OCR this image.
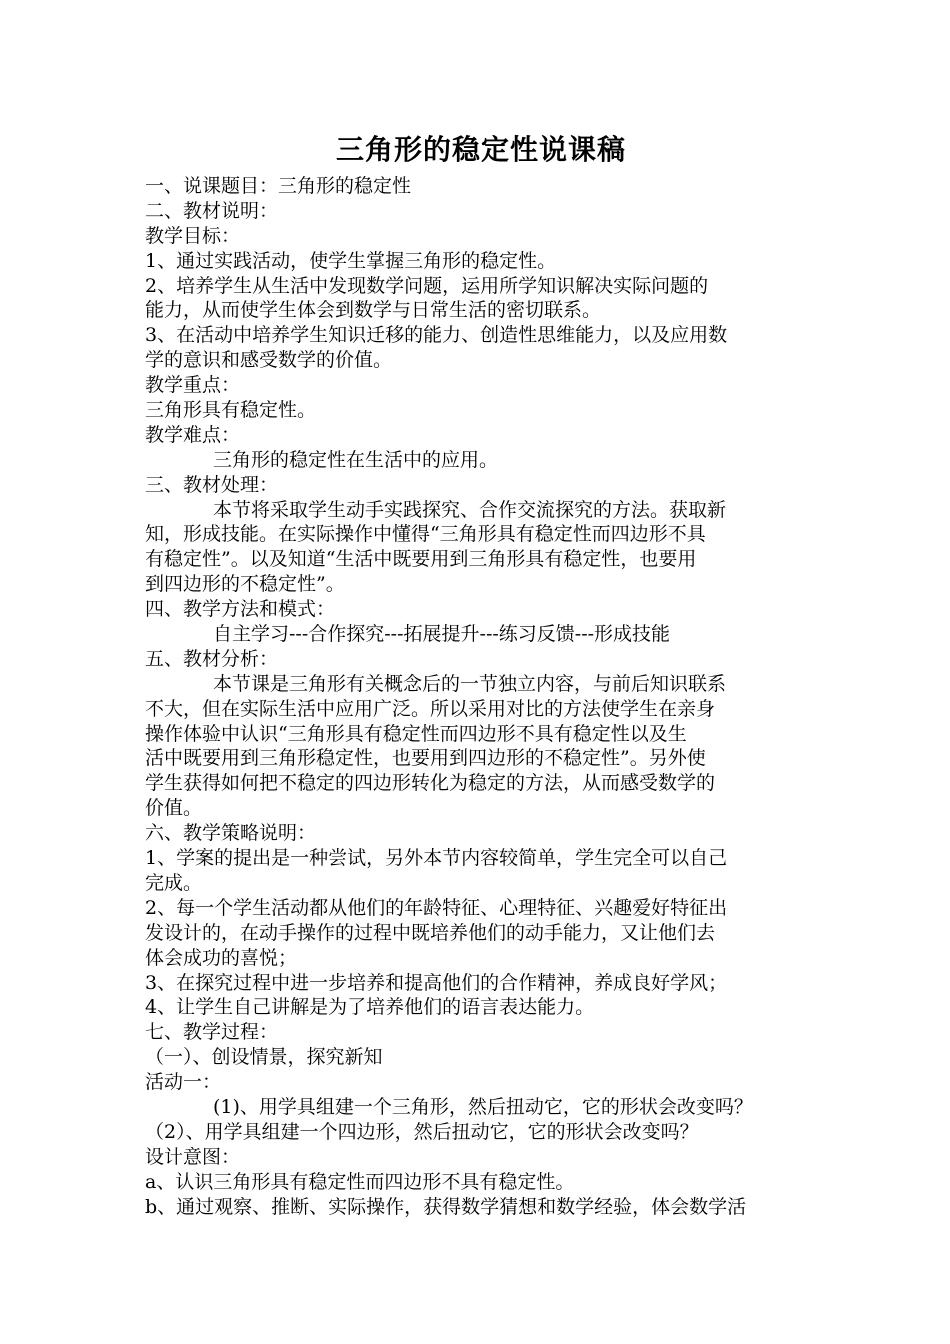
三角形的稳定性说课稿
一、说课题目：三角形的稳定性
二、教材说明：
教学目标：
1、通过实践活动，使学生掌握三角形的稳定性。
2、培养学生从生活中发现数学问题，运用所学知识解决实际问题的
能力，从而使学生体会到数学与日常生活的密切联系。
3、在活动中培养学生知识迁移的能力、创造性思维能力，以及应用数
学的意识和感受数学的价值。
教学重点：
三角形具有稳定性。
教学难点：
三角形的稳定性在生活中的应用。
三、教材处理：
本节将采取学生动手实践探究、合作交流探究的方法。获取新
知，形成技能。在实际操作中懂得“三角形具有稳定性而四边形不具
有稳定性”。以及知道“生活中既要用到三角形具有稳定性，也要用
到四边形的不稳定性”。
四、教学方法和模式：
自主学习---合作探究---拓展提升---练习反馈---形成技能
五、教材分析：
本节课是三角形有关概念后的一节独立内容，与前后知识联系
不大，但在实际生活中应用广泛。所以采用对比的方法使学生在亲身
操作体验中认识“三角形具有稳定性而四边形不具有稳定性以及生
活中既要用到三角形稳定性，也要用到四边形的不稳定性”。另外使
学生获得如何把不稳定的四边形转化为稳定的方法，从而感受数学的
价值。
六、教学策略说明：
1、学案的提出是一种尝试，另外本节内容较简单，学生完全可以自己
完成。
2、每一个学生活动都从他们的年龄特征、心理特征、兴趣爱好特征出
发设计的，在动手操作的过程中既培养他们的动手能力，又让他们去
体会成功的喜悦；
3、在探究过程中进一步培养和提高他们的合作精神，养成良好学风；
4、让学生自己讲解是为了培养他们的语言表达能力。
七、教学过程：
（一）、创设情景，探究新知
活动一：
(1)、用学具组建一个三角形，然后扭动它，它的形状会改变吗？
（2）、用学具组建一个四边形，然后扭动它，它的形状会改变吗？
设计意图：
a、认识三角形具有稳定性而四边形不具有稳定性。
b、通过观察、推断、实际操作，获得数学猜想和数学经验，体会数学活
